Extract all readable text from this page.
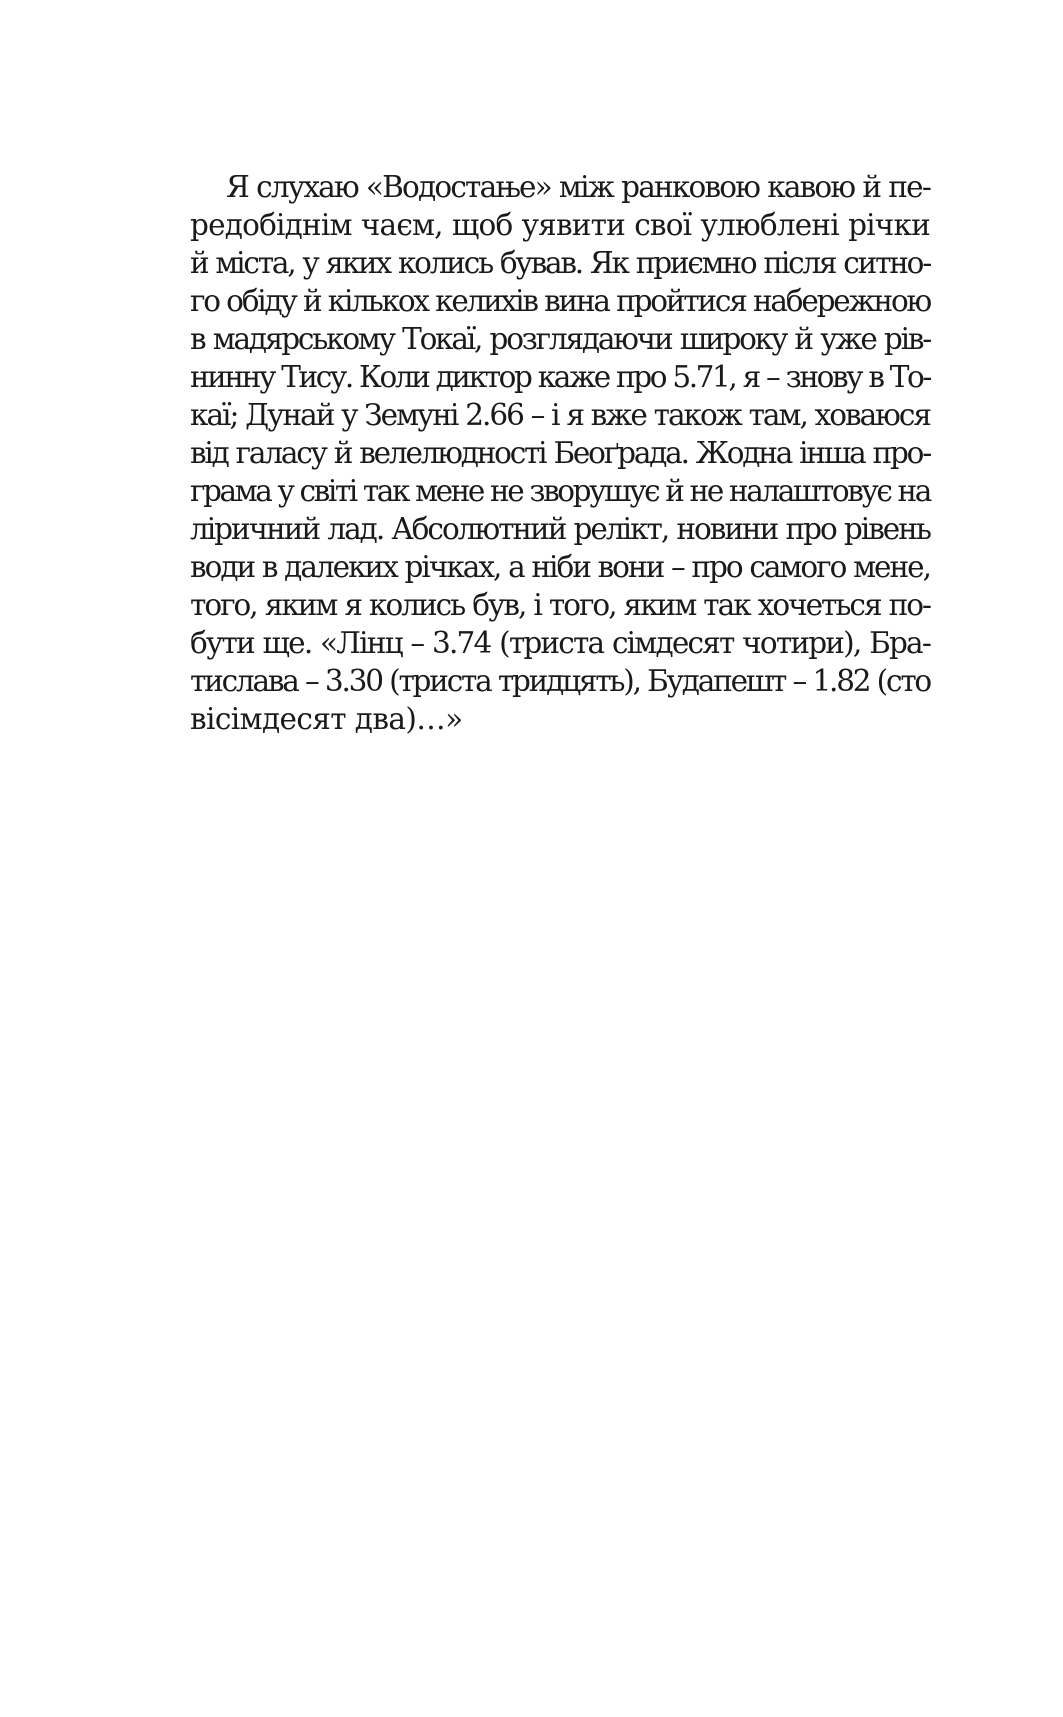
Я слухаю «Водостање» між ранковою кавою й пе-
редобіднім чаєм, щоб уявити свої улюблені річки
й міста, у яких колись бував. Як приємно після ситно-
го обіду й кількох келихів вина пройтися набережною
в мадярському Токаї, розглядаючи широку й уже рів-
нинну Тису. Коли диктор каже про 5.71, я – знову в То-
каї; Дунай у Земуні 2.66 – і я вже також там, ховаюся
від галасу й велелюдності Беоґрада. Жодна інша про-
грама у світі так мене не зворушує й не налаштовує на
ліричний лад. Абсолютний релікт, новини про рівень
води в далеких річках, а ніби вони – про самого мене,
того, яким я колись був, і того, яким так хочеться по-
бути ще. «Лінц – 3.74 (триста сімдесят чотири), Бра-
тислава – 3.30 (триста тридцять), Будапешт – 1.82 (сто
вісімдесят два)…»
